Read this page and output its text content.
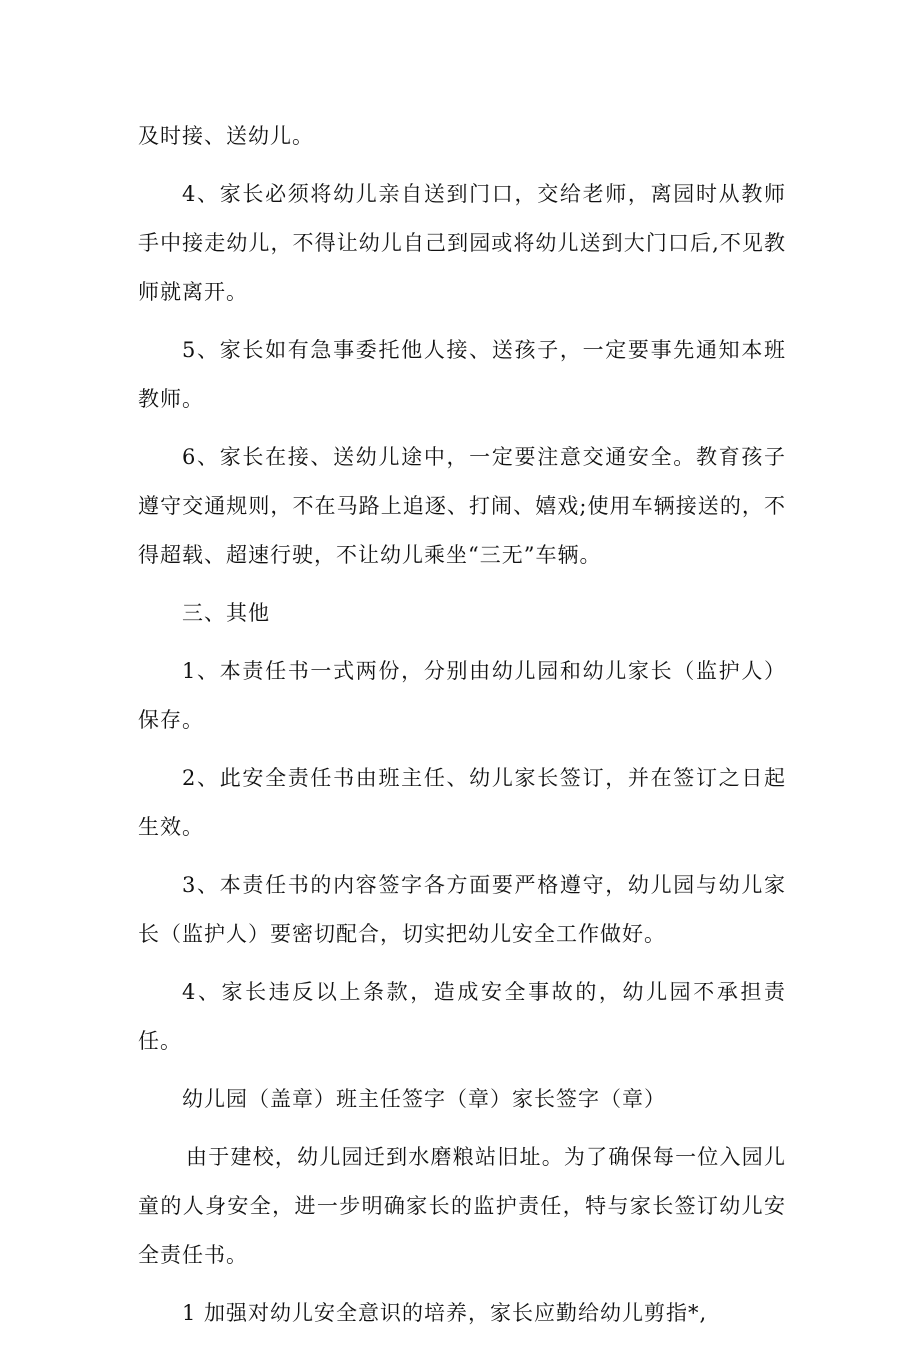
及时接、送幼儿。

4、家长必须将幼儿亲自送到门口，交给老师，离园时从教师手中接走幼儿，不得让幼儿自己到园或将幼儿送到大门口后,不见教师就离开。

5、家长如有急事委托他人接、送孩子，一定要事先通知本班教师。

6、家长在接、送幼儿途中，一定要注意交通安全。教育孩子遵守交通规则，不在马路上追逐、打闹、嬉戏;使用车辆接送的，不得超载、超速行驶，不让幼儿乘坐“三无”车辆。

三、其他

1、本责任书一式两份，分别由幼儿园和幼儿家长（监护人）保存。

2、此安全责任书由班主任、幼儿家长签订，并在签订之日起生效。

3、本责任书的内容签字各方面要严格遵守，幼儿园与幼儿家长（监护人）要密切配合，切实把幼儿安全工作做好。

4、家长违反以上条款，造成安全事故的，幼儿园不承担责任。

幼儿园（盖章）班主任签字（章）家长签字（章）

由于建校，幼儿园迁到水磨粮站旧址。为了确保每一位入园儿童的人身安全，进一步明确家长的监护责任，特与家长签订幼儿安全责任书。

1 加强对幼儿安全意识的培养，家长应勤给幼儿剪指*,
